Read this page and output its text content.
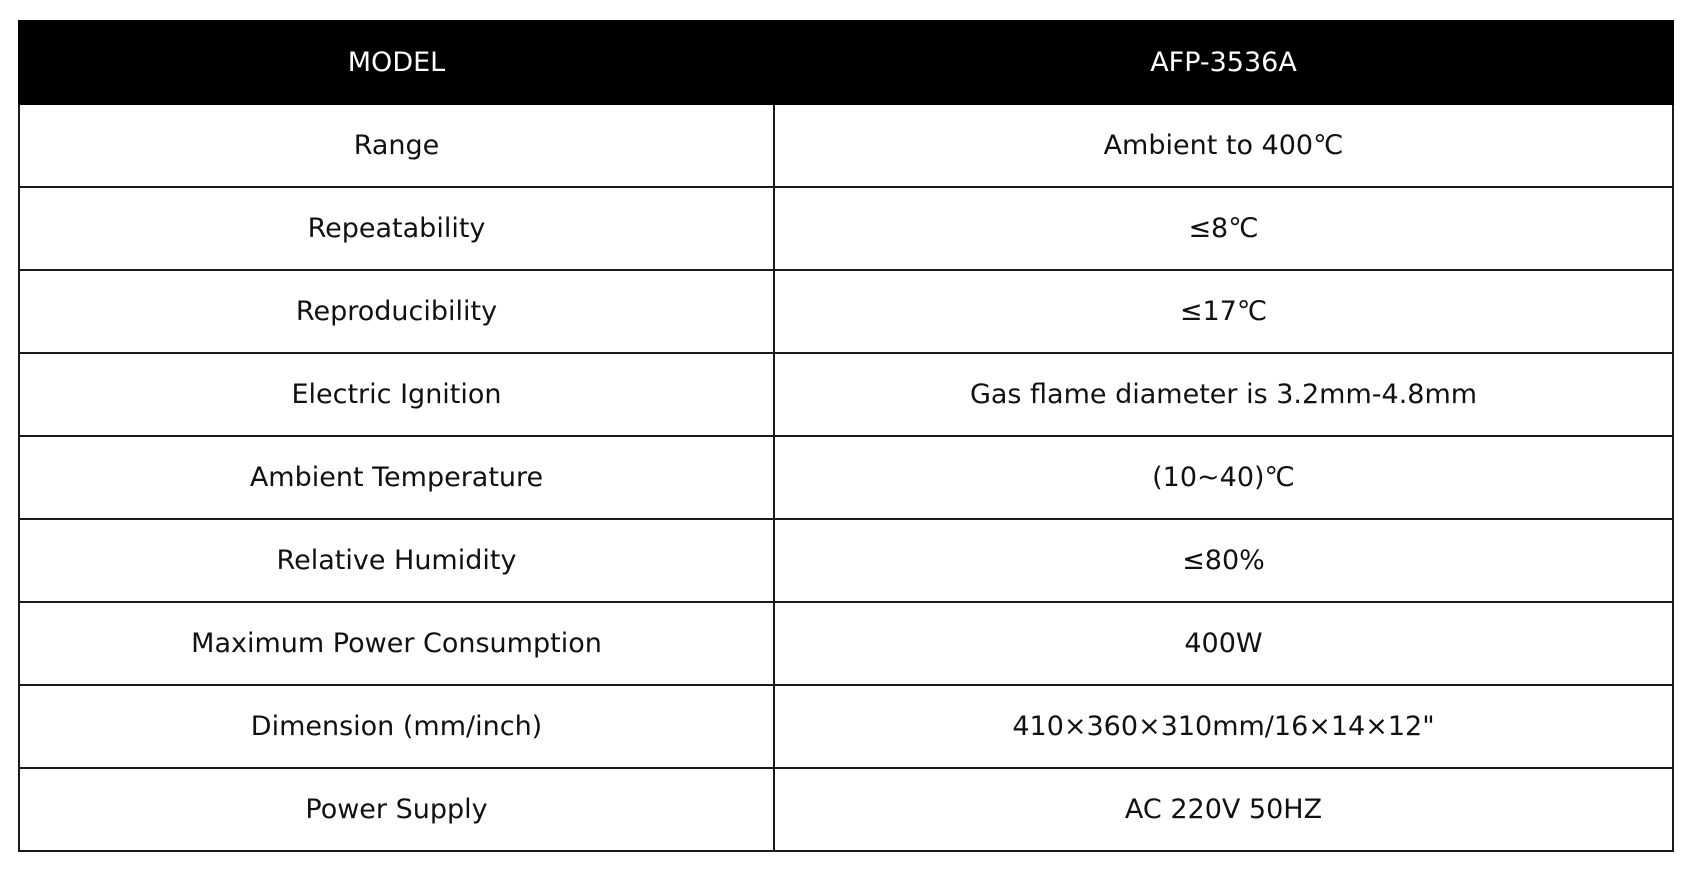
MODEL	AFP-3536A
Range	Ambient to 400℃
Repeatability	≤8℃
Reproducibility	≤17℃
Electric Ignition	Gas flame diameter is 3.2mm-4.8mm
Ambient Temperature	(10~40)℃
Relative Humidity	≤80%
Maximum Power Consumption	400W
Dimension (mm/inch)	410×360×310mm/16×14×12"
Power Supply	AC 220V 50HZ
